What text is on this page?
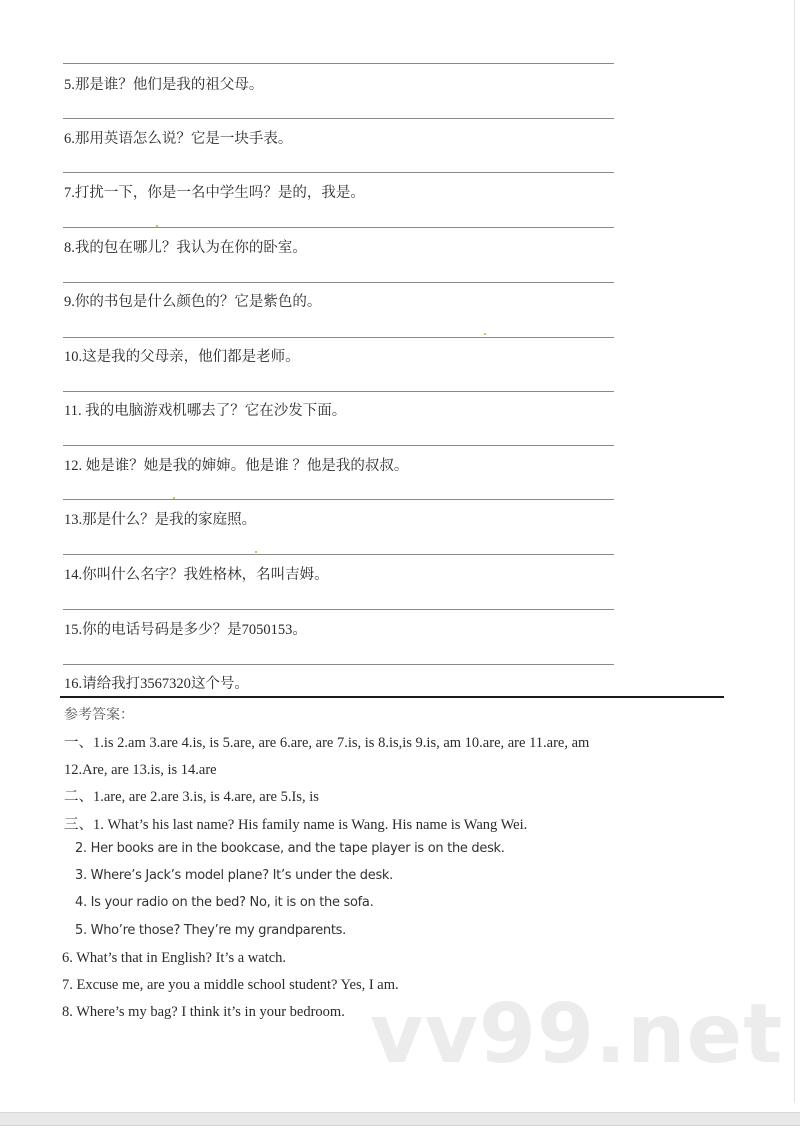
vv99.net
5.那是谁？他们是我的祖父母。
6.那用英语怎么说？它是一块手表。
7.打扰一下，你是一名中学生吗？是的，我是。
8.我的包在哪儿？我认为在你的卧室。
9.你的书包是什么颜色的？它是紫色的。
10.这是我的父母亲，他们都是老师。
11. 我的电脑游戏机哪去了？它在沙发下面。
12. 她是谁？她是我的婶婶。他是谁 ？他是我的叔叔。
13.那是什么？是我的家庭照。
14.你叫什么名字？我姓格林，名叫吉姆。
15.你的电话号码是多少？是7050153。
16.请给我打3567320这个号。
参考答案：
一、1.is 2.am 3.are 4.is, is 5.are, are 6.are, are 7.is, is 8.is,is 9.is, am 10.are, are 11.are, am
12.Are, are 13.is, is 14.are
二、1.are, are 2.are 3.is, is 4.are, are 5.Is, is
三、1. What’s his last name? His family name is Wang. His name is Wang Wei.
2. Her books are in the bookcase, and the tape player is on the desk.
3. Where’s Jack’s model plane? It’s under the desk.
4. Is your radio on the bed? No, it is on the sofa.
5. Who’re those? They’re my grandparents.
6. What’s that in English? It’s a watch.
7. Excuse me, are you a middle school student? Yes, I am.
8. Where’s my bag? I think it’s in your bedroom.
